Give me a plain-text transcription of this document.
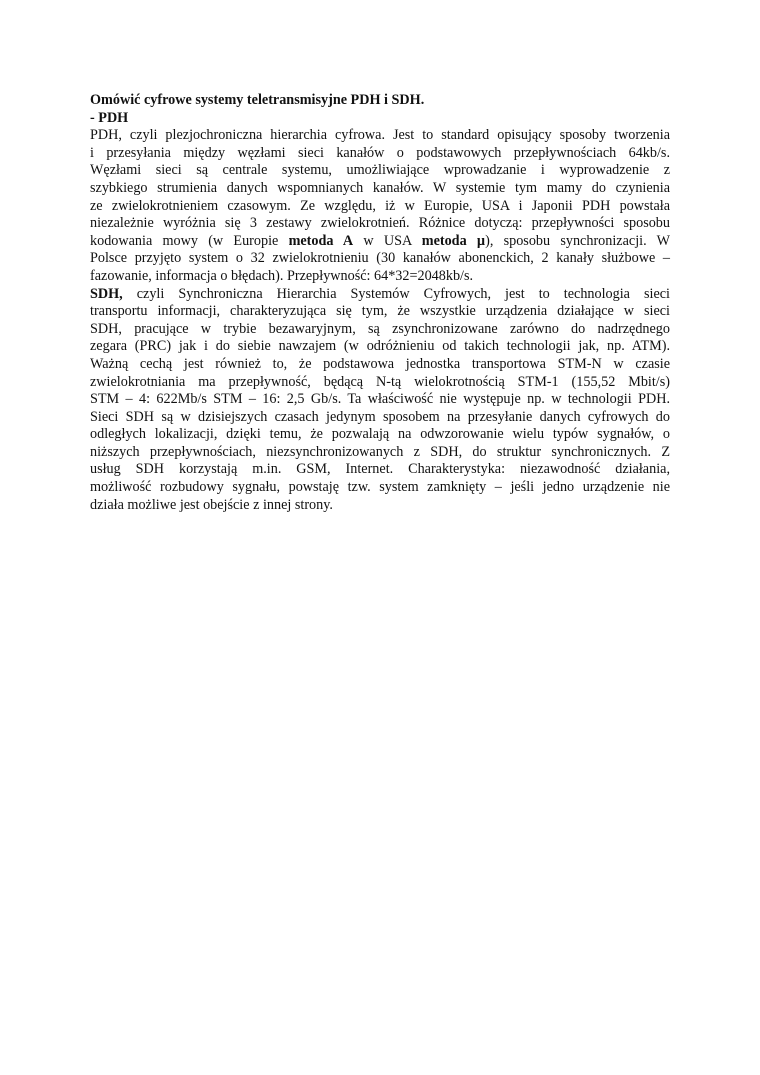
Omówić cyfrowe systemy teletransmisyjne PDH i SDH.
- PDH
PDH, czyli plezjochroniczna hierarchia cyfrowa. Jest to standard opisujący sposoby tworzenia
i przesyłania między węzłami sieci kanałów o podstawowych przepływnościach 64kb/s.
Węzłami sieci są centrale systemu, umożliwiające wprowadzanie i wyprowadzenie z
szybkiego strumienia danych wspomnianych kanałów. W systemie tym mamy do czynienia
ze zwielokrotnieniem czasowym. Ze względu, iż w Europie, USA i Japonii PDH powstała
niezależnie wyróżnia się 3 zestawy zwielokrotnień. Różnice dotyczą: przepływności sposobu
kodowania mowy (w Europie metoda A w USA metoda µ), sposobu synchronizacji. W
Polsce przyjęto system o 32 zwielokrotnieniu (30 kanałów abonenckich, 2 kanały służbowe –
fazowanie, informacja o błędach). Przepływność: 64*32=2048kb/s.
SDH, czyli Synchroniczna Hierarchia Systemów Cyfrowych, jest to technologia sieci
transportu informacji, charakteryzująca się tym, że wszystkie urządzenia działające w sieci
SDH, pracujące w trybie bezawaryjnym, są zsynchronizowane zarówno do nadrzędnego
zegara (PRC) jak i do siebie nawzajem (w odróżnieniu od takich technologii jak, np. ATM).
Ważną cechą jest również to, że podstawowa jednostka transportowa STM-N w czasie
zwielokrotniania ma przepływność, będącą N-tą wielokrotnością STM-1 (155,52 Mbit/s)
STM – 4: 622Mb/s STM – 16: 2,5 Gb/s. Ta właściwość nie występuje np. w technologii PDH.
Sieci SDH są w dzisiejszych czasach jedynym sposobem na przesyłanie danych cyfrowych do
odległych lokalizacji, dzięki temu, że pozwalają na odwzorowanie wielu typów sygnałów, o
niższych przepływnościach, niezsynchronizowanych z SDH, do struktur synchronicznych. Z
usług SDH korzystają m.in. GSM, Internet. Charakterystyka: niezawodność działania,
możliwość rozbudowy sygnału, powstaję tzw. system zamknięty – jeśli jedno urządzenie nie
działa możliwe jest obejście z innej strony.
